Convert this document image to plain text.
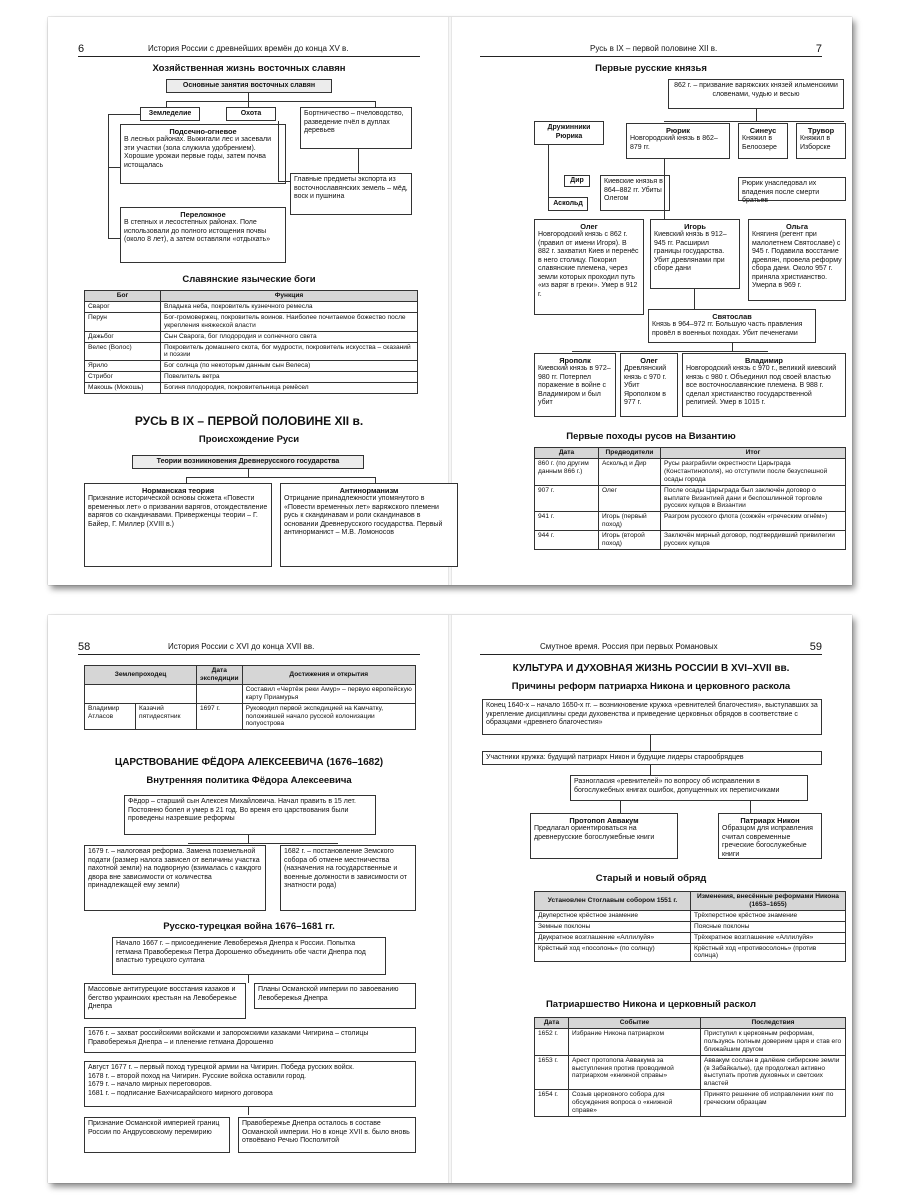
6	История России с древнейших времён до конца XV в.
Хозяйственная жизнь восточных славян
Основные занятия восточных славян
Земледелие	Охота	Бортничество – пчеловодство, разведение пчёл в дуплах деревьев
Подсечно-огневое
В лесных районах. Выжигали лес и засевали эти участки (зола служила удобрением). Хорошие урожаи первые годы, затем почва истощалась
Переложное
В степных и лесостепных районах. Поле использовали до полного истощения почвы (около 8 лет), а затем оставляли «отдыхать»
Главные предметы экспорта из восточнославянских земель – мёд, воск и пушнина
Славянские языческие боги
Бог	Функция
Сварог	Владыка неба, покровитель кузнечного ремесла
Перун	Бог-громовержец, покровитель воинов. Наиболее почитаемое божество после укрепления княжеской власти
Дажьбог	Сын Сварога, бог плодородия и солнечного света
Велес (Волос)	Покровитель домашнего скота, бог мудрости, покровитель искусства – сказаний и поэзии
Ярило	Бог солнца (по некоторым данным сын Велеса)
Стрибог	Повелитель ветра
Макошь (Мокошь)	Богиня плодородия, покровительница ремёсел
РУСЬ В IX – ПЕРВОЙ ПОЛОВИНЕ XII в.
Происхождение Руси
Теории возникновения Древнерусского государства
Норманская теория
Признание исторической основы сюжета «Повести временных лет» о призвании варягов, отождествление варягов со скандинавами. Приверженцы теории – Г. Байер, Г. Миллер (XVIII в.)
Антинорманизм
Отрицание принадлежности упомянутого в «Повести временных лет» варяжского племени русь к скандинавам и роли скандинавов в основании Древнерусского государства. Первый антинорманист – М.В. Ломоносов
Русь в IX – первой половине XII в.	7
Первые русские князья
862 г. – призвание варяжских князей ильменскими словенами, чудью и весью
Дружинники Рюрика
Рюрик
Новгородский князь в 862–879 гг.
Синеус
Княжил в Белоозере
Трувор
Княжил в Изборске
Дир
Аскольд
Киевские князья в 864–882 гг. Убиты Олегом
Рюрик унаследовал их владения после смерти братьев
Олег
Новгородский князь с 862 г. (правил от имени Игоря). В 882 г. захватил Киев и перенёс в него столицу. Покорил славянские племена, через земли которых проходил путь «из варяг в греки». Умер в 912 г.
Игорь
Киевский князь в 912–945 гг. Расширил границы государства. Убит древлянами при сборе дани
Ольга
Княгиня (регент при малолетнем Святославе) с 945 г. Подавила восстание древлян, провела реформу сбора дани. Около 957 г. приняла христианство. Умерла в 969 г.
Святослав
Князь в 964–972 гг. Большую часть правления провёл в военных походах. Убит печенегами
Ярополк
Киевский князь в 972–980 гг. Потерпел поражение в войне с Владимиром и был убит
Олег
Древлянский князь с 970 г. Убит Ярополком в 977 г.
Владимир
Новгородский князь с 970 г., великий киевский князь с 980 г. Объединил под своей властью все восточнославянские племена. В 988 г. сделал христианство государственной религией. Умер в 1015 г.
Первые походы русов на Византию
Дата	Предводители	Итог
860 г. (по другим данным 866 г.)	Аскольд и Дир	Русы разграбили окрестности Царьграда (Константинополя), но отступили после безуспешной осады города
907 г.	Олег	После осады Царьграда был заключён договор о выплате Византией дани и беспошлинной торговле русских купцов в Византии
941 г.	Игорь (первый поход)	Разгром русского флота (сожжён «греческим огнём»)
944 г.	Игорь (второй поход)	Заключён мирный договор, подтвердивший привилегии русских купцов
58	История России с XVI до конца XVII вв.
Землепроходец		Дата экспедиции	Достижения и открытия
			Составил «Чертёж реки Амур» – первую европейскую карту Приамурья
Владимир Атласов	Казачий пятидесятник	1697 г.	Руководил первой экспедицией на Камчатку, положившей начало русской колонизации полуострова
ЦАРСТВОВАНИЕ ФЁДОРА АЛЕКСЕЕВИЧА (1676–1682)
Внутренняя политика Фёдора Алексеевича
Фёдор – старший сын Алексея Михайловича. Начал править в 15 лет. Постоянно болел и умер в 21 год. Во время его царствования были проведены назревшие реформы
1679 г. – налоговая реформа. Замена поземельной подати (размер налога зависел от величины участка пахотной земли) на подворную (взималась с каждого двора вне зависимости от количества принадлежащей ему земли)
1682 г. – постановление Земского собора об отмене местничества (назначения на государственные и военные должности в зависимости от знатности рода)
Русско-турецкая война 1676–1681 гг.
Начало 1667 г. – присоединение Левобережья Днепра к России. Попытка гетмана Правобережья Петра Дорошенко объединить обе части Днепра под властью турецкого султана
Массовые антитурецкие восстания казаков и бегство украинских крестьян на Левобережье Днепра
Планы Османской империи по завоеванию Левобережья Днепра
1676 г. – захват российскими войсками и запорожскими казаками Чигирина – столицы Правобережья Днепра – и пленение гетмана Дорошенко
Август 1677 г. – первый поход турецкой армии на Чигирин. Победа русских войск.
1678 г. – второй поход на Чигирин. Русские войска оставили город.
1679 г. – начало мирных переговоров.
1681 г. – подписание Бахчисарайского мирного договора
Признание Османской империей границ России по Андрусовскому перемирию
Правобережье Днепра осталось в составе Османской империи. Но в конце XVII в. было вновь отвоёвано Речью Посполитой
Смутное время. Россия при первых Романовых	59
КУЛЬТУРА И ДУХОВНАЯ ЖИЗНЬ РОССИИ В XVI–XVII вв.
Причины реформ патриарха Никона и церковного раскола
Конец 1640-х – начало 1650-х гг. – возникновение кружка «ревнителей благочестия», выступавших за укрепление дисциплины среди духовенства и приведение церковных обрядов в соответствие с образцами «древнего благочестия»
Участники кружка: будущий патриарх Никон и будущие лидеры старообрядцев
Разногласия «ревнителей» по вопросу об исправлении в богослужебных книгах ошибок, допущенных их переписчиками
Протопоп Аввакум
Предлагал ориентироваться на древнерусские богослужебные книги
Патриарх Никон
Образцом для исправления считал современные греческие богослужебные книги
Старый и новый обряд
Установлен Стоглавым собором 1551 г.	Изменения, внесённые реформами Никона (1653–1655)
Двуперстное крёстное знамение	Трёхперстное крёстное знамение
Земные поклоны	Поясные поклоны
Двукратное возглашение «Аллилуйя»	Трёхкратное возглашение «Аллилуйя»
Крёстный ход «посолонь» (по солнцу)	Крёстный ход «противосолонь» (против солнца)
Патриаршество Никона и церковный раскол
Дата	Событие	Последствия
1652 г.	Избрание Никона патриархом	Приступил к церковным реформам, пользуясь полным доверием царя и став его ближайшим другом
1653 г.	Арест протопопа Аввакума за выступления против проводимой патриархом «книжной справы»	Аввакум сослан в далёкие сибирские земли (в Забайкалье), где продолжал активно выступать против духовных и светских властей
1654 г.	Созыв церковного собора для обсуждения вопроса о «книжной справе»	Принято решение об исправлении книг по греческим образцам
